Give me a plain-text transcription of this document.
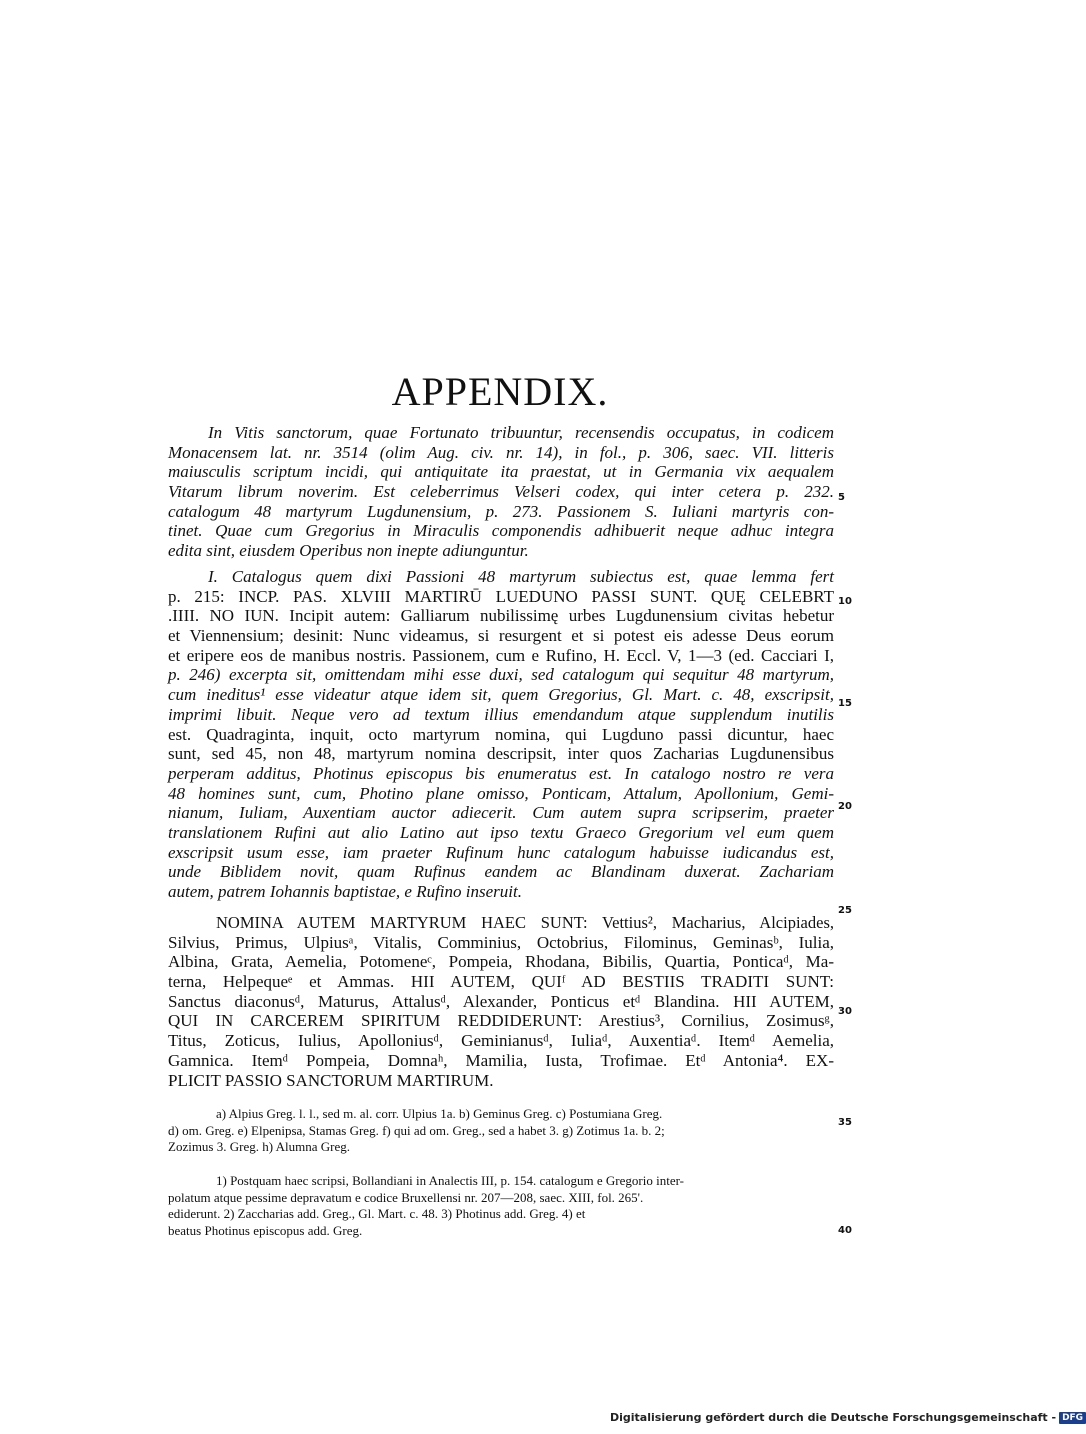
APPENDIX.
In Vitis sanctorum, quae Fortunato tribuuntur, recensendis occupatus, in codicem
Monacensem lat. nr. 3514 (olim Aug. civ. nr. 14), in fol., p. 306, saec. VII. litteris
maiusculis scriptum incidi, qui antiquitate ita praestat, ut in Germania vix aequalem
Vitarum librum noverim. Est celeberrimus Velseri codex, qui inter cetera p. 232.
catalogum 48 martyrum Lugdunensium, p. 273. Passionem S. Iuliani martyris con-
tinet. Quae cum Gregorius in Miraculis componendis adhibuerit neque adhuc integra
edita sint, eiusdem Operibus non inepte adiunguntur.
I. Catalogus quem dixi Passioni 48 martyrum subiectus est, quae lemma fert
p. 215: INCP. PAS. XLVIII MARTIRŪ LUEDUNO PASSI SUNT. QUĘ CELEBRT
.IIII. NO IUN. Incipit autem: Galliarum nubilissimę urbes Lugdunensium civitas hebetur
et Viennensium; desinit: Nunc videamus, si resurgent et si potest eis adesse Deus eorum
et eripere eos de manibus nostris. Passionem, cum e Rufino, H. Eccl. V, 1—3 (ed. Cacciari I,
p. 246) excerpta sit, omittendam mihi esse duxi, sed catalogum qui sequitur 48 martyrum,
cum ineditus¹ esse videatur atque idem sit, quem Gregorius, Gl. Mart. c. 48, exscripsit,
imprimi libuit. Neque vero ad textum illius emendandum atque supplendum inutilis
est. Quadraginta, inquit, octo martyrum nomina, qui Lugduno passi dicuntur, haec
sunt, sed 45, non 48, martyrum nomina descripsit, inter quos Zacharias Lugdunensibus
perperam additus, Photinus episcopus bis enumeratus est. In catalogo nostro re vera
48 homines sunt, cum, Photino plane omisso, Ponticam, Attalum, Apollonium, Gemi-
nianum, Iuliam, Auxentiam auctor adiecerit. Cum autem supra scripserim, praeter
translationem Rufini aut alio Latino aut ipso textu Graeco Gregorium vel eum quem
exscripsit usum esse, iam praeter Rufinum hunc catalogum habuisse iudicandus est,
unde Biblidem novit, quam Rufinus eandem ac Blandinam duxerat. Zachariam
autem, patrem Iohannis baptistae, e Rufino inseruit.
NOMINA AUTEM MARTYRUM HAEC SUNT: Vettius², Macharius, Alcipiades,
Silvius, Primus, Ulpiusᵃ, Vitalis, Comminius, Octobrius, Filominus, Geminasᵇ, Iulia,
Albina, Grata, Aemelia, Potomeneᶜ, Pompeia, Rhodana, Bibilis, Quartia, Ponticaᵈ, Ma-
terna, Helpequeᵉ et Ammas. HII AUTEM, QUIᶠ AD BESTIIS TRADITI SUNT:
Sanctus diaconusᵈ, Maturus, Attalusᵈ, Alexander, Ponticus etᵈ Blandina. HII AUTEM,
QUI IN CARCEREM SPIRITUM REDDIDERUNT: Arestius³, Cornilius, Zosimusᵍ,
Titus, Zoticus, Iulius, Apolloniusᵈ, Geminianusᵈ, Iuliaᵈ, Auxentiaᵈ. Itemᵈ Aemelia,
Gamnica. Itemᵈ Pompeia, Domnaʰ, Mamilia, Iusta, Trofimae. Etᵈ Antonia⁴. EX-
PLICIT PASSIO SANCTORUM MARTIRUM.
a) Alpius Greg. l. l., sed m. al. corr. Ulpius 1a. b) Geminus Greg. c) Postumiana Greg.
d) om. Greg. e) Elpenipsa, Stamas Greg. f) qui ad om. Greg., sed a habet 3. g) Zotimus 1a. b. 2;
Zozimus 3. Greg. h) Alumna Greg.
1) Postquam haec scripsi, Bollandiani in Analectis III, p. 154. catalogum e Gregorio inter-
polatum atque pessime depravatum e codice Bruxellensi nr. 207—208, saec. XIII, fol. 265'.
ediderunt. 2) Zaccharias add. Greg., Gl. Mart. c. 48. 3) Photinus add. Greg. 4) et
beatus Photinus episcopus add. Greg.
5
10
15
20
25
30
35
40
Digitalisierung gefördert durch die Deutsche Forschungsgemeinschaft - DFG
